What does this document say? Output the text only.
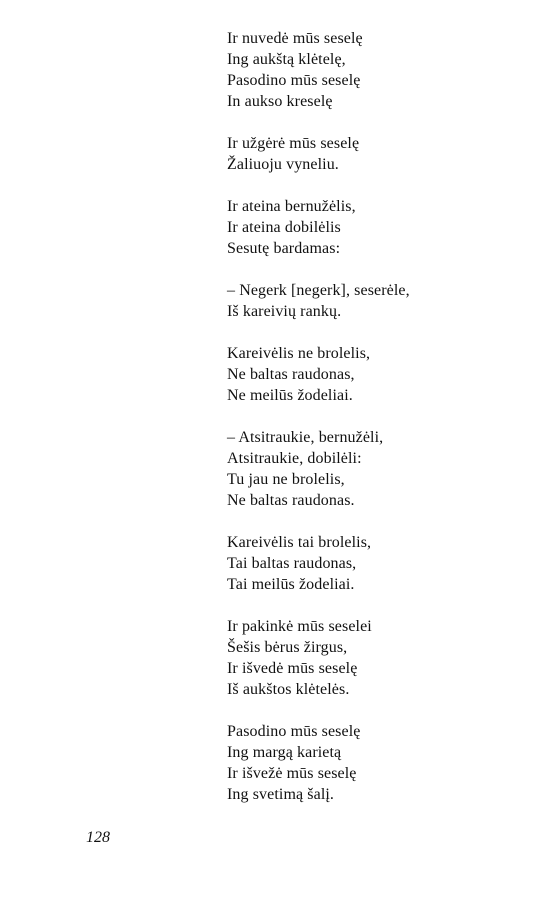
Ir nuvedė mūs seselę
Ing aukštą klėtelę,
Pasodino mūs seselę
In aukso kreselę
Ir užgėrė mūs seselę
Žaliuoju vyneliu.
Ir ateina bernužėlis,
Ir ateina dobilėlis
Sesutę bardamas:
– Negerk [negerk], seserėle,
Iš kareivių rankų.
Kareivėlis ne brolelis,
Ne baltas raudonas,
Ne meilūs žodeliai.
– Atsitraukie, bernužėli,
Atsitraukie, dobilėli:
Tu jau ne brolelis,
Ne baltas raudonas.
Kareivėlis tai brolelis,
Tai baltas raudonas,
Tai meilūs žodeliai.
Ir pakinkė mūs seselei
Šešis bėrus žirgus,
Ir išvedė mūs seselę
Iš aukštos klėtelės.
Pasodino mūs seselę
Ing margą karietą
Ir išvežė mūs seselę
Ing svetimą šalį.
128
